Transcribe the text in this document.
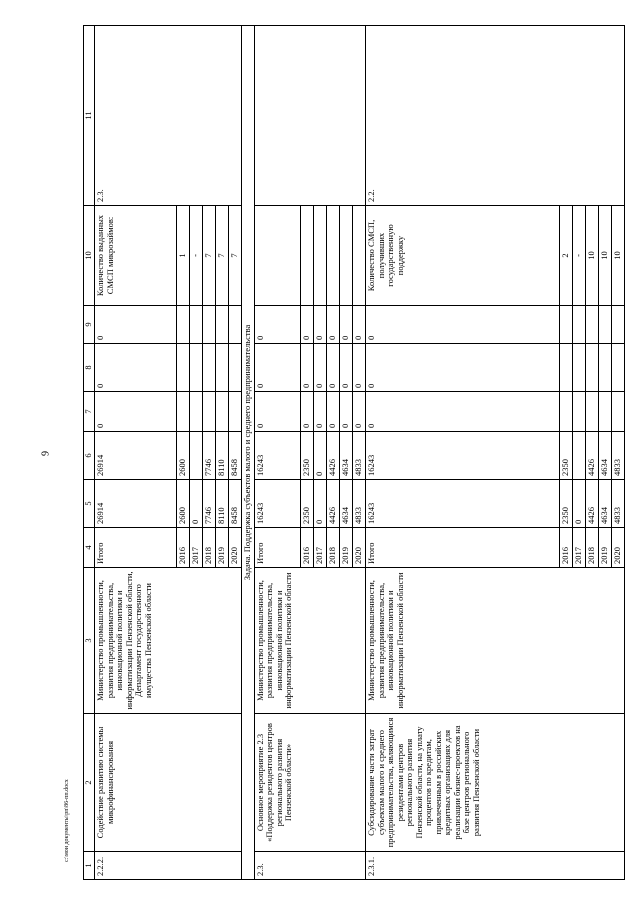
9
1	2	3	4	5	6	7	8	9	10	11
2.2.2.	Содействие развитию системы микрофинансирования	Министерство промышленности, развития предпринимательства, инновационной политики и информатизации Пензенской области, Департамент государственного имущества Пензенской области	Итого	26914	26914	0	0	0	Количество выданных СМСП микрозаймов:	2.3.
			2016	2600	2600				1	
			2017	0					-	
			2018	7746	7746				7	
			2019	8110	8110				7	
			2020	8458	8458				7	
Задача. Поддержка субъектов малого и среднего предпринимательства										
2.3.	Основное мероприятие 2.3 «Поддержка резидентов центров регионального развития Пензенской области»	Министерство промышленности, развития предпринимательства, инновационной политики и информатизации Пензенской области	Итого	16243	16243	0	0	0		
			2016	2350	2350	0	0	0		
			2017	0	0	0	0	0		
			2018	4426	4426	0	0	0		
			2019	4634	4634	0	0	0		
			2020	4833	4833	0	0	0		
2.3.1.	Субсидирование части затрат субъектам малого и среднего предпринимательства, являющимся резидентами центров регионального развития Пензенской области, на уплату процентов по кредитам, привлеченным в российских кредитных организациях для реализации бизнес-проектов на базе центров регионального развития Пензенской области	Министерство промышленности, развития предпринимательства, инновационной политики и информатизации Пензенской области	Итого	16243	16243	0	0	0	Количество СМСП, получивших государственную поддержку	2.2.
			2016	2350	2350				2	
			2017	0					-	
			2018	4426	4426				10	
			2019	4634	4634				10	
			2020	4833	4833				10	
c:\мои документы\рп\86-пп.docx
